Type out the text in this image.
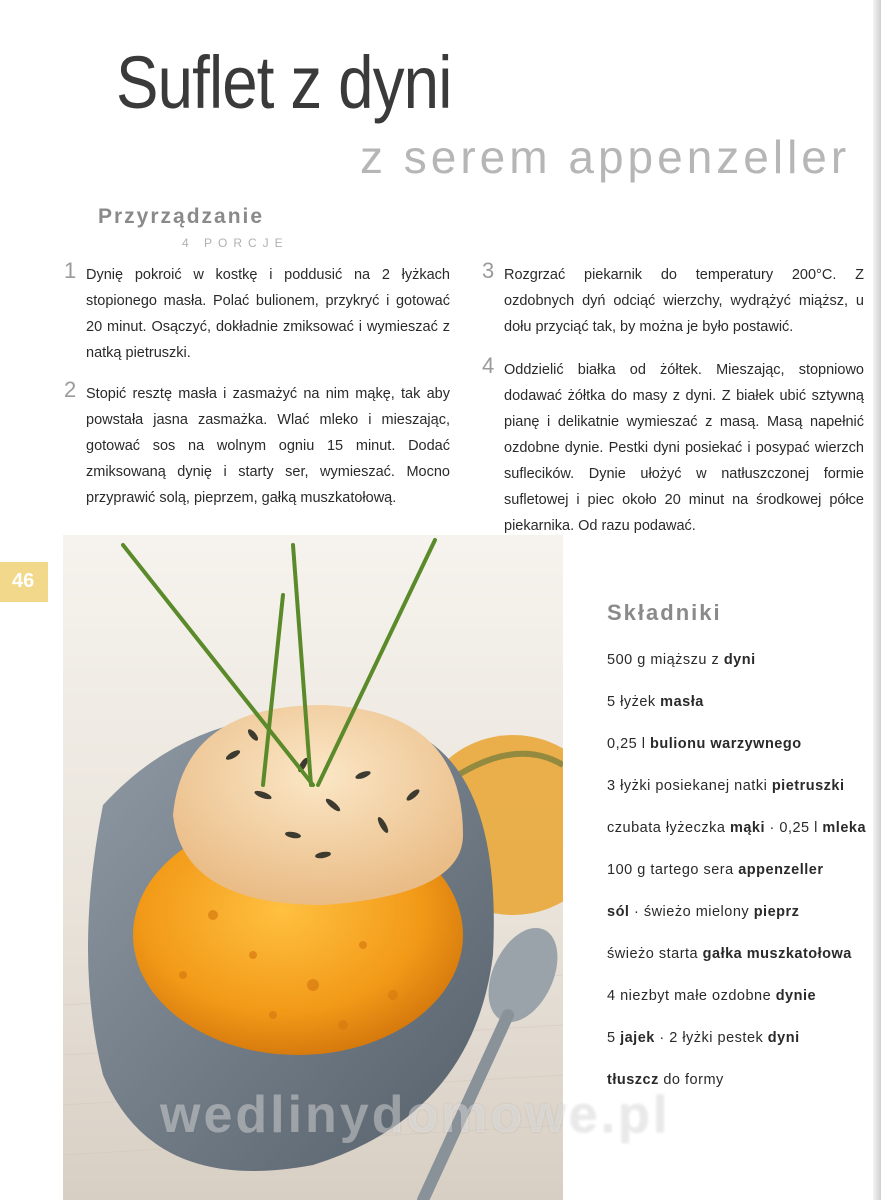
Suflet z dyni
z serem appenzeller
Przyrządzanie
4 PORCJE
1 Dynię pokroić w kostkę i poddusić na 2 łyżkach stopionego masła. Polać bulionem, przykryć i gotować 20 minut. Osączyć, dokładnie zmiksować i wymieszać z natką pietruszki.
2 Stopić resztę masła i zasmażyć na nim mąkę, tak aby powstała jasna zasmażka. Wlać mleko i mieszając, gotować sos na wolnym ogniu 15 minut. Dodać zmiksowaną dynię i starty ser, wymieszać. Mocno przyprawić solą, pieprzem, gałką muszkatołową.
3 Rozgrzać piekarnik do temperatury 200°C. Z ozdobnych dyń odciąć wierzchy, wydrążyć miąższ, u dołu przyciąć tak, by można je było postawić.
4 Oddzielić białka od żółtek. Mieszając, stopniowo dodawać żółtka do masy z dyni. Z białek ubić sztywną pianę i delikatnie wymieszać z masą. Masą napełnić ozdobne dynie. Pestki dyni posiekać i posypać wierzch suflecików. Dynie ułożyć w natłuszczonej formie sufletowej i piec około 20 minut na środkowej półce piekarnika. Od razu podawać.
46
Składniki
500 g miąższu z dyni
5 łyżek masła
0,25 l bulionu warzywnego
3 łyżki posiekanej natki pietruszki
czubata łyżeczka mąki · 0,25 l mleka
100 g tartego sera appenzeller
sól · świeżo mielony pieprz
świeżo starta gałka muszkatołowa
4 niezbyt małe ozdobne dynie
5 jajek · 2 łyżki pestek dyni
tłuszcz do formy
wedlinydomowe.pl
